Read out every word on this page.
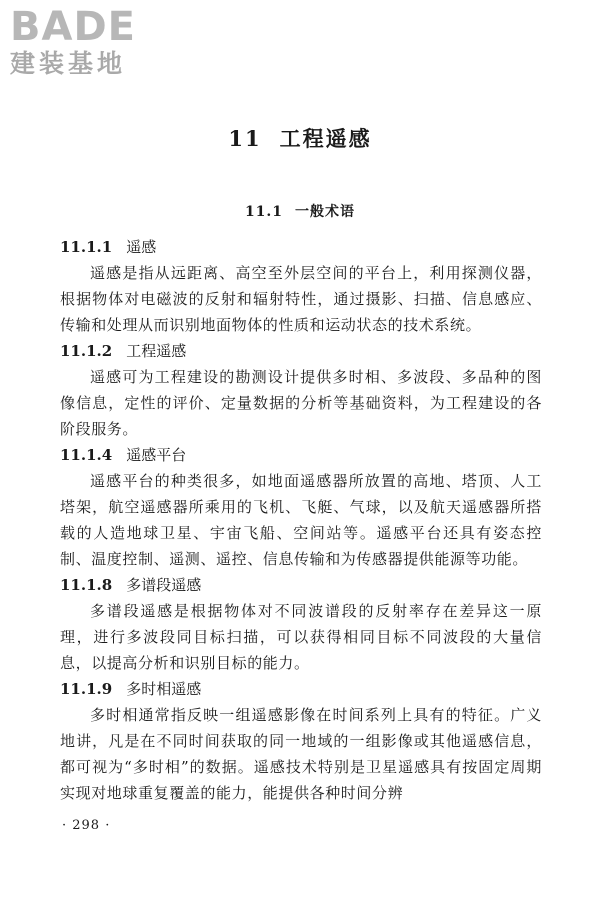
BADE
建装基地
11 工程遥感
11.1 一般术语

11.1.1 遥感

遥感是指从远距离、高空至外层空间的平台上，利用探测仪器，根据物体对电磁波的反射和辐射特性，通过摄影、扫描、信息感应、传输和处理从而识别地面物体的性质和运动状态的技术系统。

11.1.2 工程遥感

遥感可为工程建设的勘测设计提供多时相、多波段、多品种的图像信息，定性的评价、定量数据的分析等基础资料，为工程建设的各阶段服务。

11.1.4 遥感平台

遥感平台的种类很多，如地面遥感器所放置的高地、塔顶、人工塔架，航空遥感器所乘用的飞机、飞艇、气球，以及航天遥感器所搭载的人造地球卫星、宇宙飞船、空间站等。遥感平台还具有姿态控制、温度控制、遥测、遥控、信息传输和为传感器提供能源等功能。

11.1.8 多谱段遥感

多谱段遥感是根据物体对不同波谱段的反射率存在差异这一原理，进行多波段同目标扫描，可以获得相同目标不同波段的大量信息，以提高分析和识别目标的能力。

11.1.9 多时相遥感

多时相通常指反映一组遥感影像在时间系列上具有的特征。广义地讲，凡是在不同时间获取的同一地域的一组影像或其他遥感信息，都可视为“多时相”的数据。遥感技术特别是卫星遥感具有按固定周期实现对地球重复覆盖的能力，能提供各种时间分辨

· 298 ·
